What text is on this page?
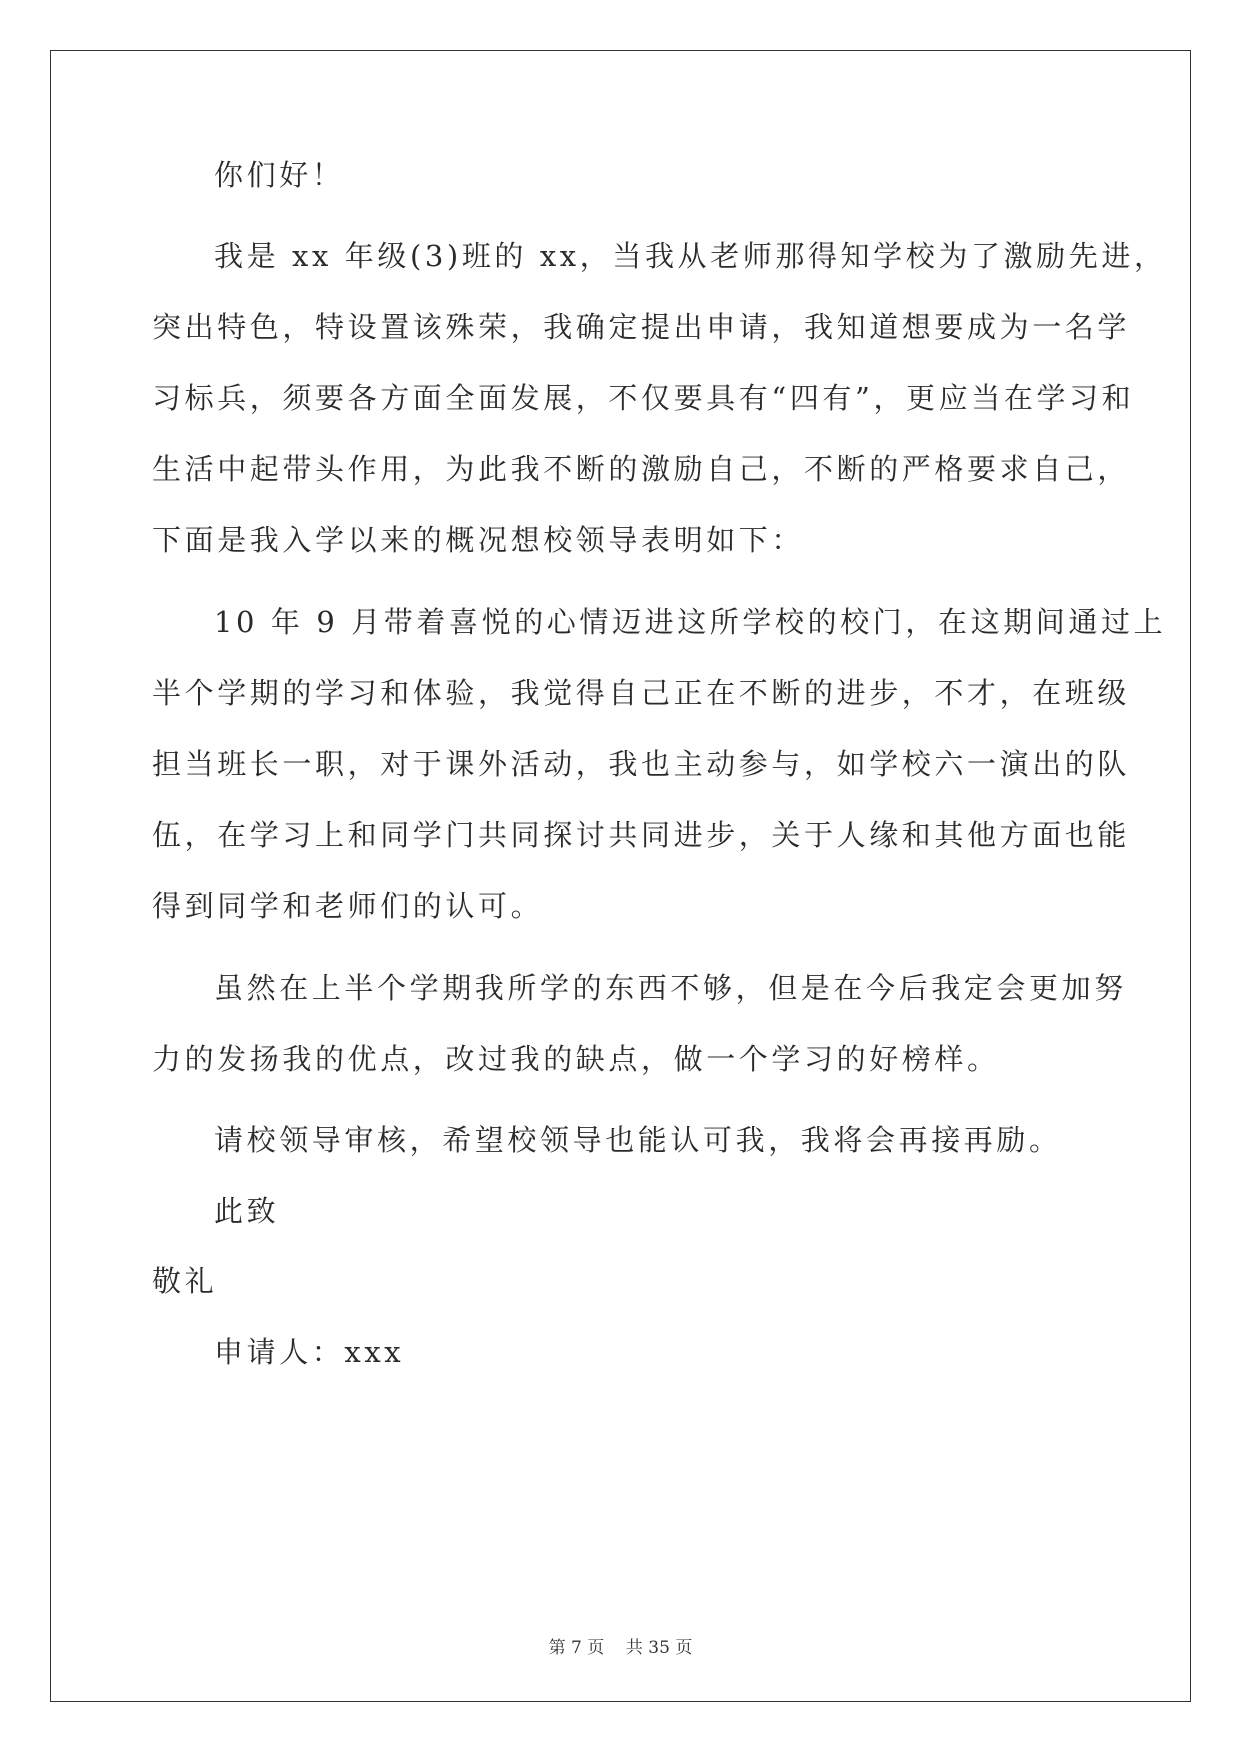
你们好！
我是 xx 年级(3)班的 xx，当我从老师那得知学校为了激励先进，
突出特色，特设置该殊荣，我确定提出申请，我知道想要成为一名学
习标兵，须要各方面全面发展，不仅要具有“四有”，更应当在学习和
生活中起带头作用，为此我不断的激励自己，不断的严格要求自己，
下面是我入学以来的概况想校领导表明如下：
10 年 9 月带着喜悦的心情迈进这所学校的校门，在这期间通过上
半个学期的学习和体验，我觉得自己正在不断的进步，不才，在班级
担当班长一职，对于课外活动，我也主动参与，如学校六一演出的队
伍，在学习上和同学门共同探讨共同进步，关于人缘和其他方面也能
得到同学和老师们的认可。
虽然在上半个学期我所学的东西不够，但是在今后我定会更加努
力的发扬我的优点，改过我的缺点，做一个学习的好榜样。
请校领导审核，希望校领导也能认可我，我将会再接再励。
此致
敬礼
申请人：xxx
第 7 页    共 35 页
